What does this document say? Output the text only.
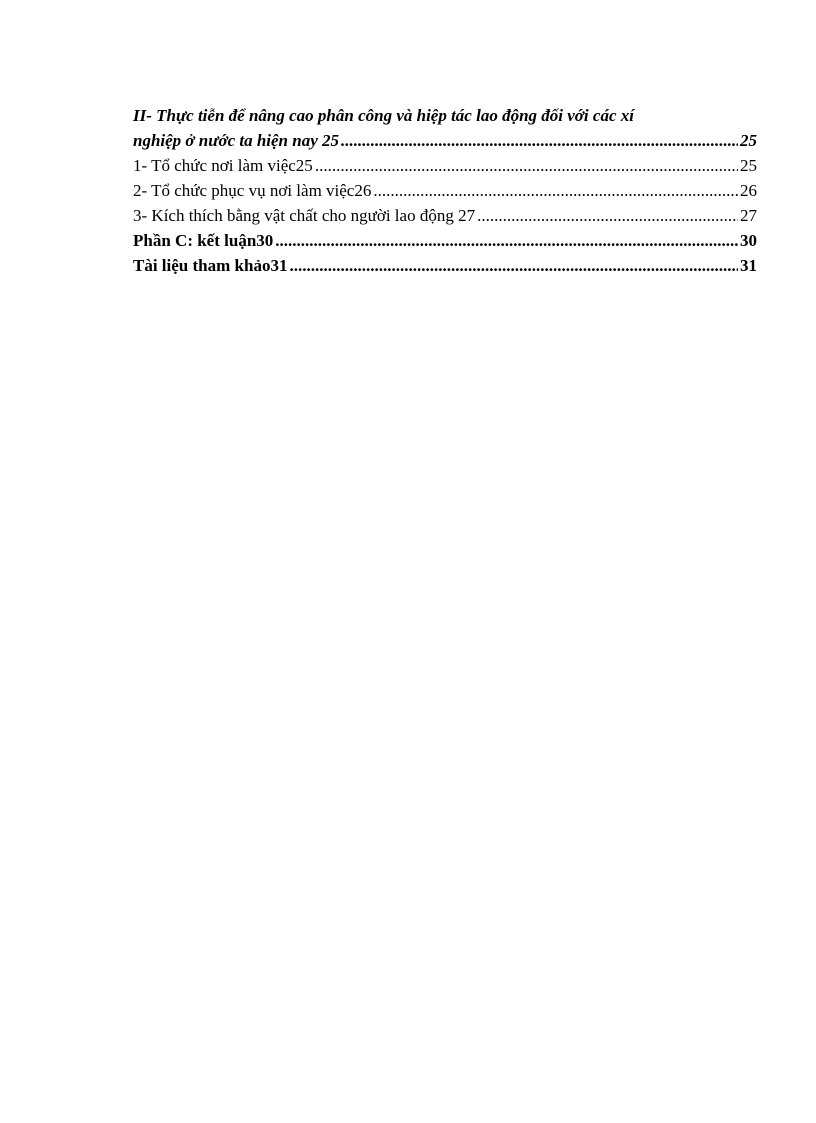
II- Thực tiễn để nâng cao phân công và hiệp tác lao động đối với các xí
nghiệp ở nước ta hiện nay 25 .....	25
1- Tổ chức nơi làm việc25 .....	25
2- Tổ chức phục vụ nơi làm việc26 .....	26
3- Kích thích bằng vật chất cho người lao động 27 .....	27
Phần C: kết luận30 .....	30
Tài liệu tham khảo31 .....	31
